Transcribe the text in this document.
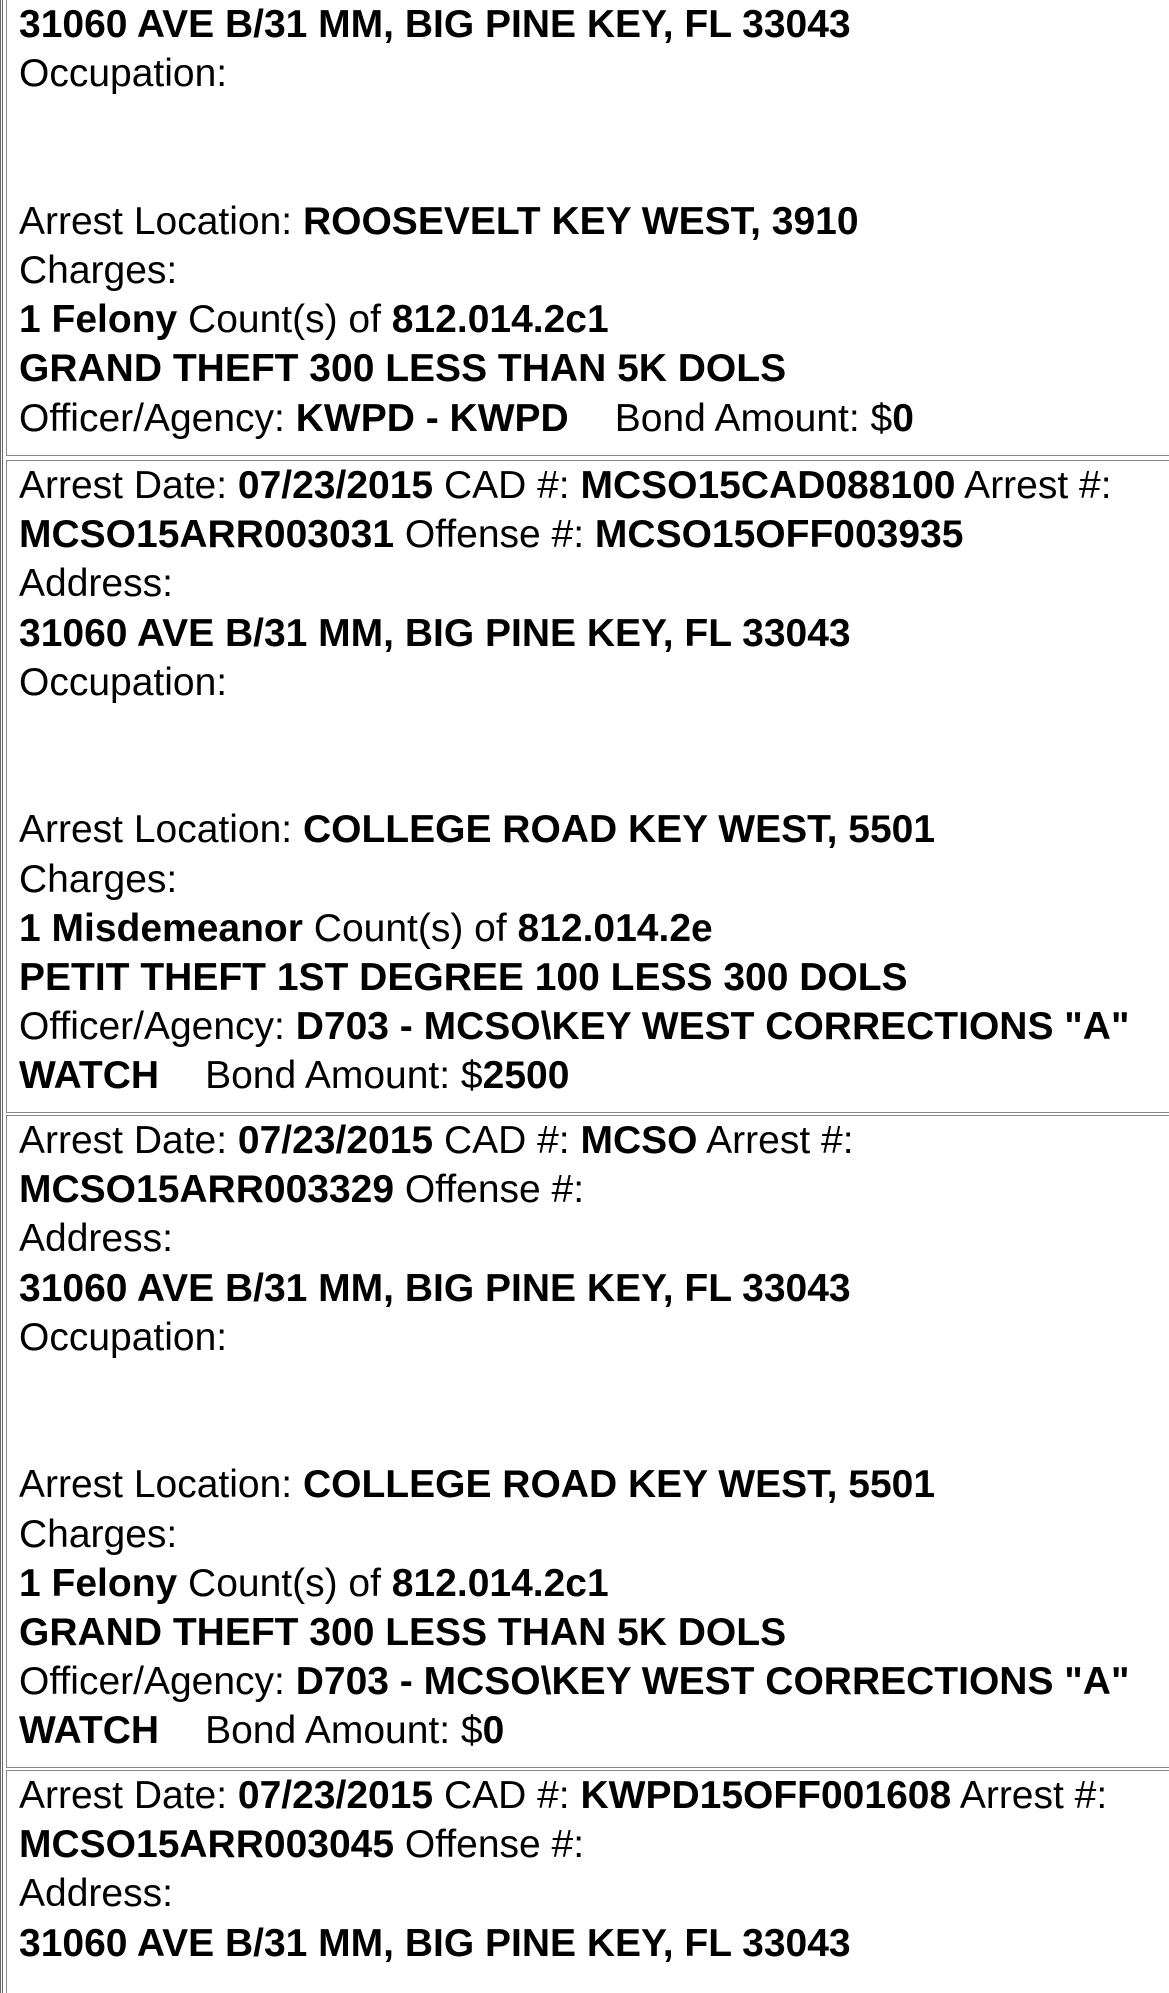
31060 AVE B/31 MM, BIG PINE KEY, FL 33043
Occupation:
Arrest Location: ROOSEVELT KEY WEST, 3910
Charges:
1 Felony Count(s) of 812.014.2c1
GRAND THEFT 300 LESS THAN 5K DOLS
Officer/Agency: KWPD - KWPD Bond Amount: $0
Arrest Date: 07/23/2015 CAD #: MCSO15CAD088100 Arrest #:
MCSO15ARR003031 Offense #: MCSO15OFF003935
Address:
31060 AVE B/31 MM, BIG PINE KEY, FL 33043
Occupation:
Arrest Location: COLLEGE ROAD KEY WEST, 5501
Charges:
1 Misdemeanor Count(s) of 812.014.2e
PETIT THEFT 1ST DEGREE 100 LESS 300 DOLS
Officer/Agency: D703 - MCSO\KEY WEST CORRECTIONS "A"
WATCH Bond Amount: $2500
Arrest Date: 07/23/2015 CAD #: MCSO Arrest #:
MCSO15ARR003329 Offense #:
Address:
31060 AVE B/31 MM, BIG PINE KEY, FL 33043
Occupation:
Arrest Location: COLLEGE ROAD KEY WEST, 5501
Charges:
1 Felony Count(s) of 812.014.2c1
GRAND THEFT 300 LESS THAN 5K DOLS
Officer/Agency: D703 - MCSO\KEY WEST CORRECTIONS "A"
WATCH Bond Amount: $0
Arrest Date: 07/23/2015 CAD #: KWPD15OFF001608 Arrest #:
MCSO15ARR003045 Offense #:
Address:
31060 AVE B/31 MM, BIG PINE KEY, FL 33043
